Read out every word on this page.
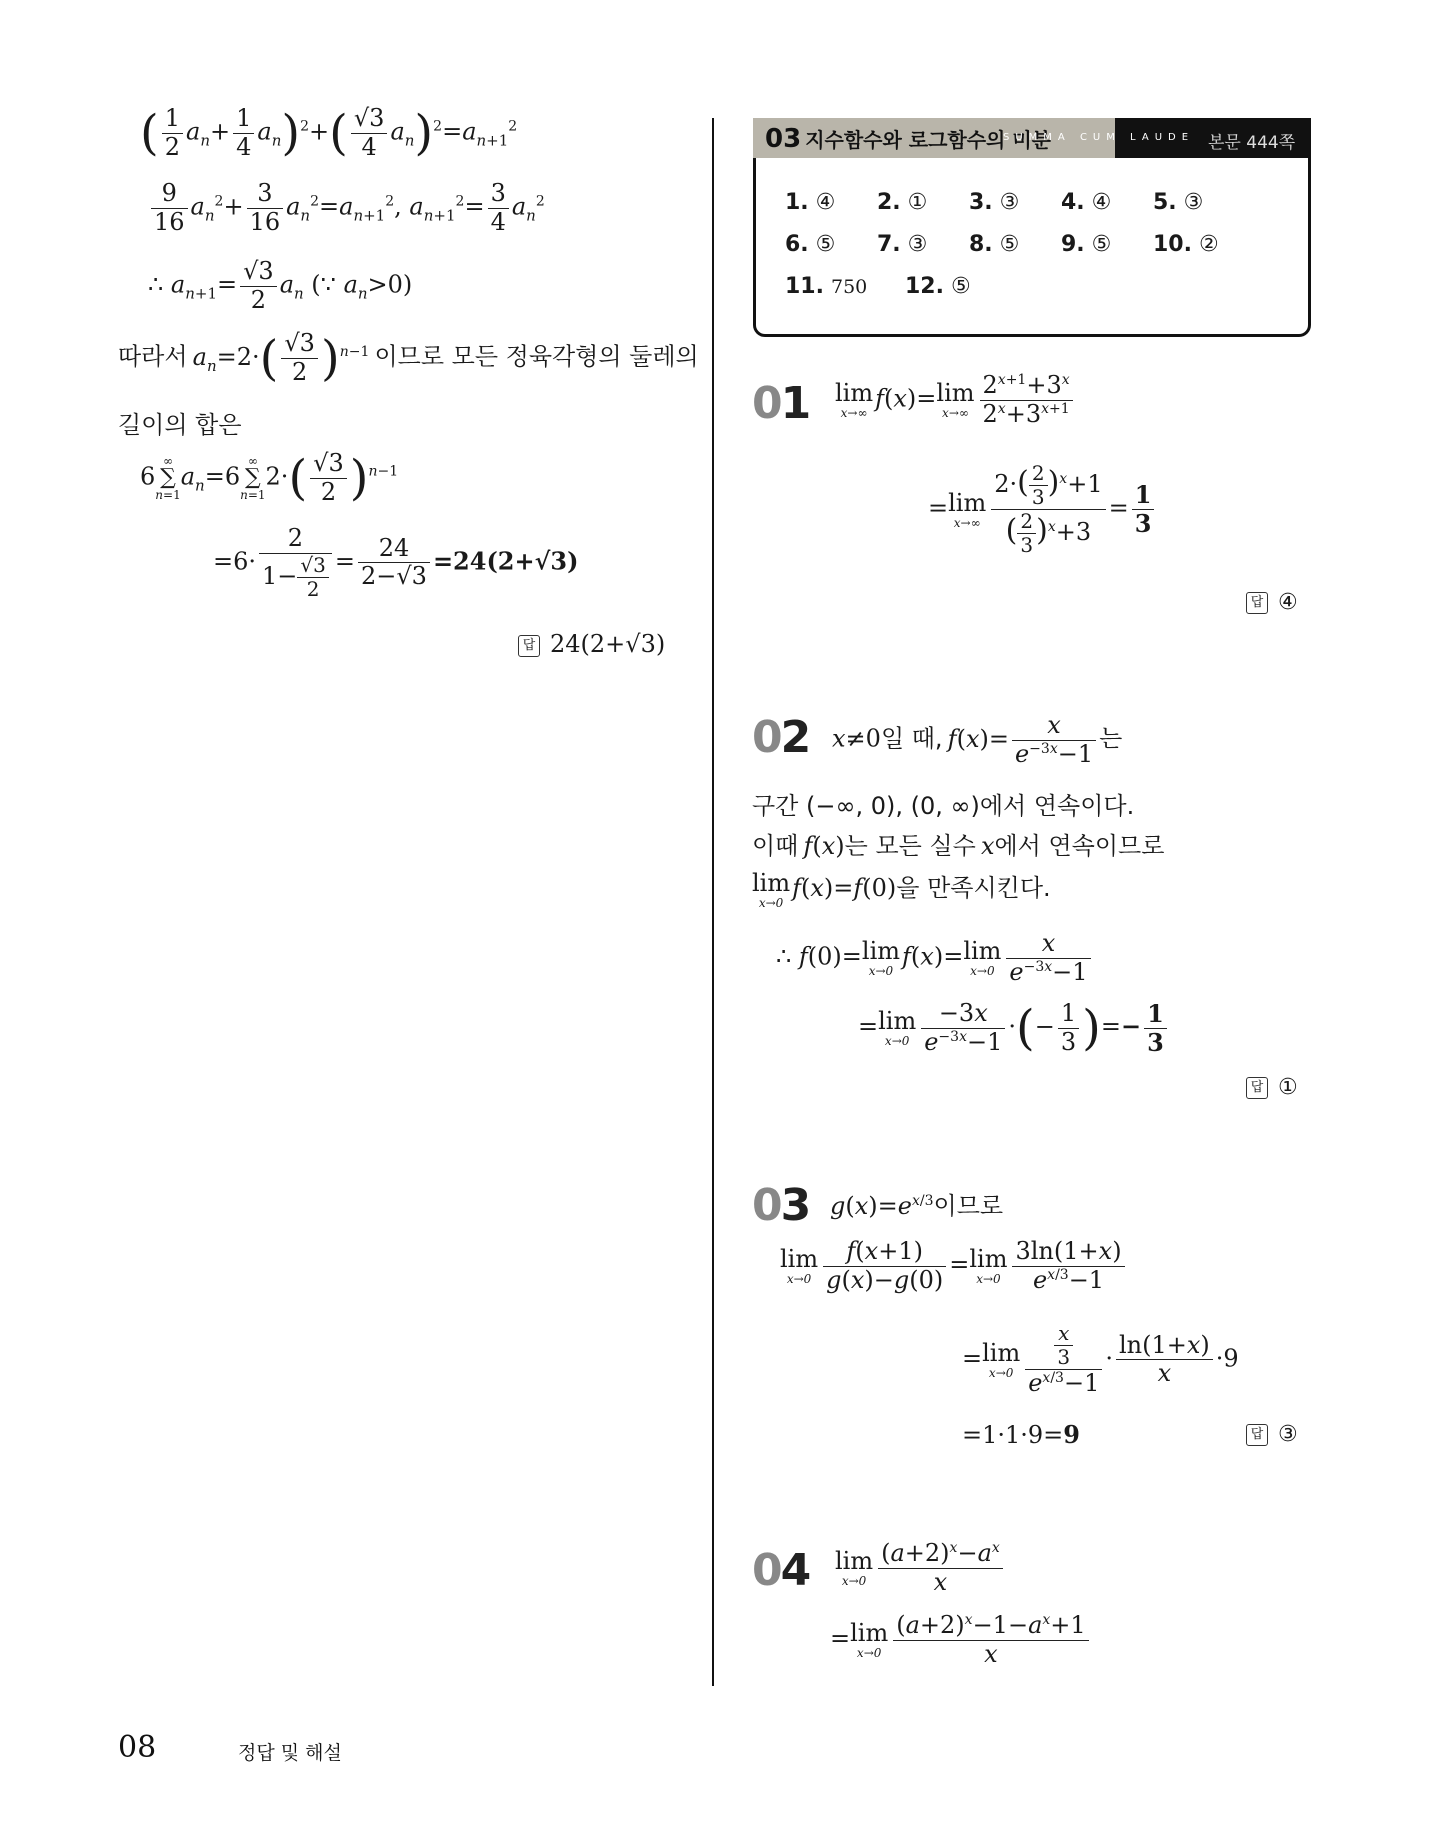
( $\frac{1}{2} a_n+ \frac{1}{4} a_n)^2+( \frac{√3}{4} a_n)^2=a_{n+1}^2$
$\frac{9}{16} a_n^2+ \frac{3}{16} a_n^2=a_{n+1}^2$, $a_{n+1}^2= \frac{3}{4} a_n^2$
∴ $a_{n+1}= \frac{√3}{2} a_n$ (∵ $a_n>0$)
따라서 $a_n=2\cdot( \frac{√3}{2} )^{n-1}$ 이므로 모든 정육각형의 둘레의
길이의 합은
6
∞
∑
n=1
$a_n=6$
∞
∑
n=1
$2\cdot( \frac{√3}{2} )^{n-1}$
$=6\cdot \frac{2}{1- \frac{√3}{2}} = \frac{24}{2-√3} =24(2+√3)$
답 24(2+√3)
03 지수함수와 로그함수의 미분
SUMMA CUM LAUDE 본문 444쪽
1. ④ 2. ① 3. ③ 4. ④ 5. ③
6. ⑤ 7. ③ 8. ⑤ 9. ⑤ 10. ②
11. 750 12. ⑤
01 lim
x→∞
f(x)= lim
$x\to\infty \frac{2^{x+1}+3^x}{2^x+3^{x+1}}$
= lim
$x\to\infty \frac{2\cdot( \frac{2}{3} )^x+1}{( \frac{2}{3} )^x+3} = \frac{1}{3}$
답 ④
02 x≠0일 때, $f(x)= \frac{x}{e^{-3x}-1}$ 는
구간 (−∞, 0), (0, ∞)에서 연속이다.
이때 f(x)는 모든 실수 x에서 연속이므로
lim
x→0
f(x)=f(0)을 만족시킨다.
∴ f(0)= lim
x→0
f(x)= lim
$x\to 0 \frac{x}{e^{-3x}-1}$
= lim
$x\to 0 \frac{-3x}{e^{-3x}-1}$ ·(− $\frac{1}{3}$ )=− $\frac{1}{3}$
답 ①
03 $g(x)=e^{x/3}$이므로
lim
$x\to 0 \frac{f(x+1)}{g(x)-g(0)} = \lim$
$x\to 0 \frac{3\ln(1+x)}{e^{x/3}-1}$
= lim
$x\to 0 \frac{\frac{x}{3}}{e^{x/3}-1} \cdot \frac{\ln(1+x)}{x} \cdot 9$
=1·1·9=9	답 ③
04 lim
$x\to 0 \frac{(a+2)^x-a^x}{x}$
= lim
$x\to 0 \frac{(a+2)^x-1-a^x+1}{x}$
08	정답 및 해설
